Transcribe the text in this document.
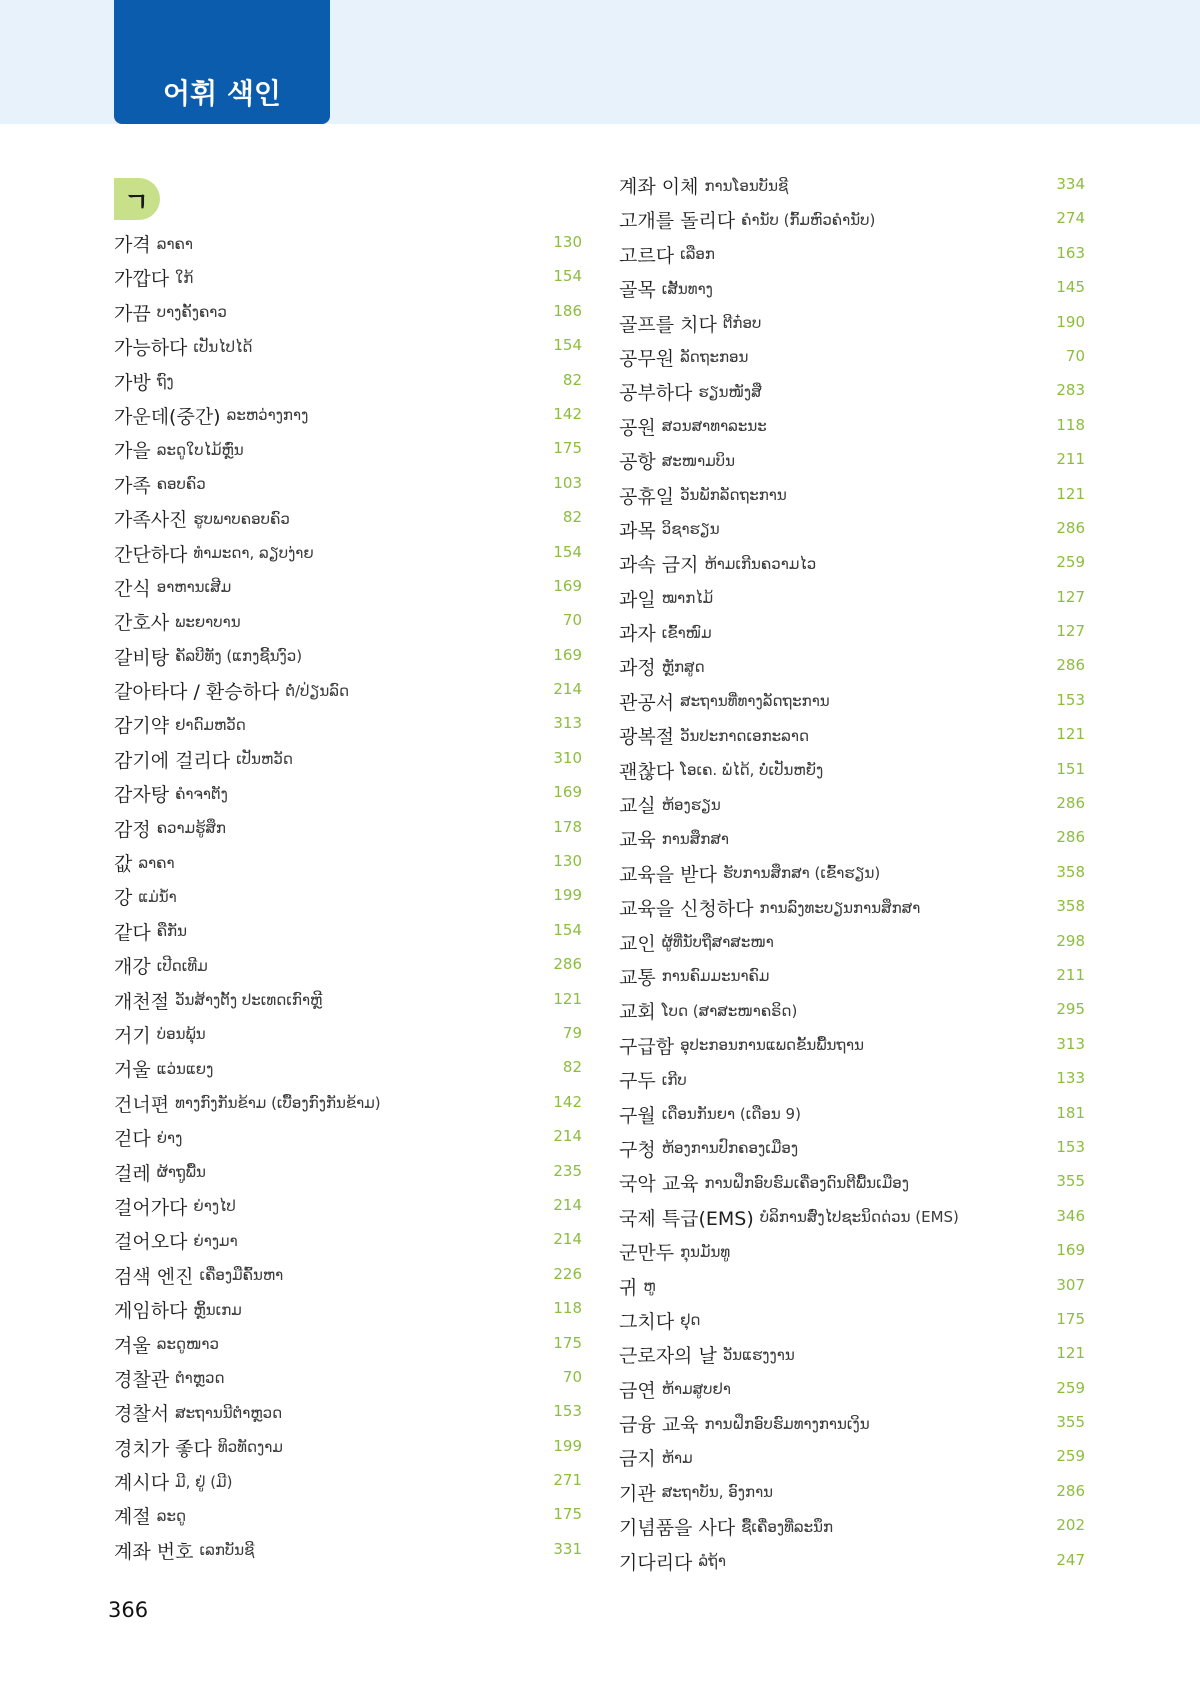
어휘 색인
ㄱ
가격 ລາຄາ	130
가깝다 ໃກ້	154
가끔 ບາງຄັ້ງຄາວ	186
가능하다 ເປັນໄປໄດ້	154
가방 ຖົງ	82
가운데(중간) ລະຫວ່າງກາງ	142
가을 ລະດູໃບໄມ້ຫຼົ່ນ	175
가족 ຄອບຄົວ	103
가족사진 ຮູບພາບຄອບຄົວ	82
간단하다 ທຳມະດາ, ລຽບງ່າຍ	154
간식 ອາຫານເສີມ	169
간호사 ພະຍາບານ	70
갈비탕 ຄັລບີທັງ (ແກງຊີ້ນງົວ)	169
갈아타다 / 환승하다 ຕໍ່/ປ່ຽນລົດ	214
감기약 ຢາດົມຫວັດ	313
감기에 걸리다 ເປັນຫວັດ	310
감자탕 ຄຳຈາຕັງ	169
감정 ຄວາມຮູ້ສຶກ	178
값 ລາຄາ	130
강 ແມ່ນ້ຳ	199
같다 ຄືກັນ	154
개강 ເປີດເທີມ	286
개천절 ວັນສ້າງຕັ້ງ ປະເທດເກົາຫຼີ	121
거기 ບ່ອນພຸ້ນ	79
거울 ແວ່ນແຍງ	82
건너편 ທາງກົງກັນຂ້າມ (ເບື້ອງກົງກັນຂ້າມ)	142
걷다 ຍ່າງ	214
걸레 ຜ້າຖູພື້ນ	235
걸어가다 ຍ່າງໄປ	214
걸어오다 ຍ່າງມາ	214
검색 엔진 ເຄື່ອງມືຄົ້ນຫາ	226
게임하다 ຫຼິ້ນເກມ	118
겨울 ລະດູໜາວ	175
경찰관 ຕຳຫຼວດ	70
경찰서 ສະຖານນີຕຳຫຼວດ	153
경치가 좋다 ທິວທັດງາມ	199
계시다 ມີ, ຢູ່ (ມີ)	271
계절 ລະດູ	175
계좌 번호 ເລກບັນຊີ	331
계좌 이체 ການໂອນບັນຊີ	334
고개를 돌리다 ຄຳນັບ (ກົ້ມຫົວຄຳນັບ)	274
고르다 ເລືອກ	163
골목 ເສັ້ນທາງ	145
골프를 치다 ຕີກ໋ອບ	190
공무원 ລັດຖະກອນ	70
공부하다 ຮຽນໜັງສື	283
공원 ສວນສາທາລະນະ	118
공항 ສະໜາມບິນ	211
공휴일 ວັນພັກລັດຖະການ	121
과목 ວິຊາຮຽນ	286
과속 금지 ຫ້າມເກີນຄວາມໄວ	259
과일 ໝາກໄມ້	127
과자 ເຂົ້າໜົມ	127
과정 ຫຼັກສູດ	286
관공서 ສະຖານທີ່ທາງລັດຖະການ	153
광복절 ວັນປະກາດເອກະລາດ	121
괜찮다 ໂອເຄ. ພໍໄດ້, ບໍ່ເປັນຫຍັງ	151
교실 ຫ້ອງຮຽນ	286
교육 ການສຶກສາ	286
교육을 받다 ຮັບການສຶກສາ (ເຂົ້າຮຽນ)	358
교육을 신청하다 ການລົງທະບຽນການສຶກສາ	358
교인 ຜູ້ທີ່ນັບຖືສາສະໜາ	298
교통 ການຄົມມະນາຄົມ	211
교회 ໂບດ (ສາສະໜາຄຣິດ)	295
구급함 ອຸປະກອນການແພດຂັ້ນພື້ນຖານ	313
구두 ເກີບ	133
구월 ເດືອນກັນຍາ (ເດືອນ 9)	181
구청 ຫ້ອງການປົກຄອງເມືອງ	153
국악 교육 ການຝຶກອົບຮົມເຄື່ອງດົນຕີພື້ນເມືອງ	355
국제 특급(EMS) ບໍລິການສົ່ງໄປຊະນິດດ່ວນ (EMS)	346
군만두 ກຸນມັນທູ	169
귀 ຫູ	307
그치다 ຢຸດ	175
근로자의 날 ວັນແຮງງານ	121
금연 ຫ້າມສູບຢາ	259
금융 교육 ການຝຶກອົບຮົມທາງການເງິນ	355
금지 ຫ້າມ	259
기관 ສະຖາບັນ, ອົງການ	286
기념품을 사다 ຊື້ເຄື່ອງທີ່ລະນຶກ	202
기다리다 ລໍຖ້າ	247
366
